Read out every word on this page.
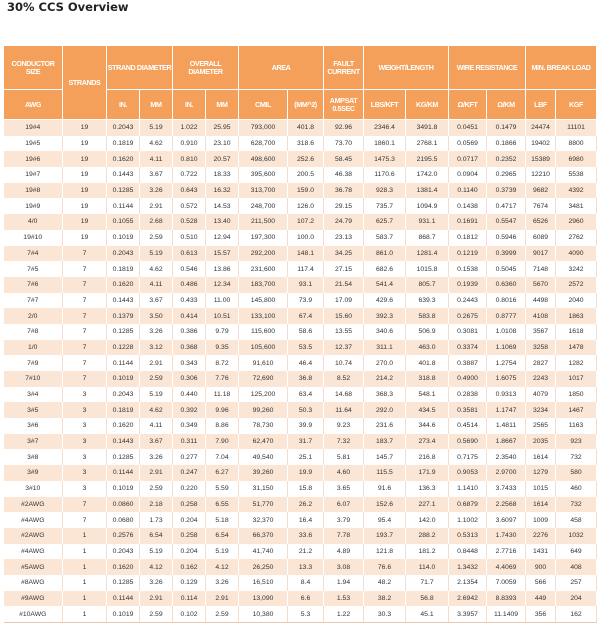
30% CCS Overview
CONDUCTOR SIZE	STRANDS	STRAND DIAMETER		OVERALL DIAMETER		AREA		FAULT CURRENT	WEIGHT/LENGTH		WIRE RESISTANCE		MIN. BREAK LOAD	
AWG		IN.	MM	IN.	MM	CMIL	(MM^2)	AMPSAT 0.5SEC	LBS/KFT	KG/KM	Ω/KFT	Ω/KM	LBF	KGF
19#4	19	0.2043	5.19	1.022	25.95	793,000	401.8	92.96	2346.4	3491.8	0.0451	0.1479	24474	11101
19#5	19	0.1819	4.62	0.910	23.10	628,700	318.6	73.70	1860.1	2768.1	0.0569	0.1866	19402	8800
19#6	19	0.1620	4.11	0.810	20.57	498,600	252.6	58.45	1475.3	2195.5	0.0717	0.2352	15389	6980
19#7	19	0.1443	3.67	0.722	18.33	395,600	200.5	46.38	1170.6	1742.0	0.0904	0.2965	12210	5538
19#8	19	0.1285	3.26	0.643	16.32	313,700	159.0	36.78	928.3	1381.4	0.1140	0.3739	9682	4392
19#9	19	0.1144	2.91	0.572	14.53	248,700	126.0	29.15	735.7	1094.9	0.1438	0.4717	7674	3481
4/0	19	0.1055	2.68	0.528	13.40	211,500	107.2	24.79	625.7	931.1	0.1691	0.5547	6526	2960
19#10	19	0.1019	2.59	0.510	12.94	197,300	100.0	23.13	583.7	868.7	0.1812	0.5946	6089	2762
7#4	7	0.2043	5.19	0.613	15.57	292,200	148.1	34.25	861.0	1281.4	0.1219	0.3999	9017	4090
7#5	7	0.1819	4.62	0.546	13.86	231,600	117.4	27.15	682.6	1015.8	0.1538	0.5045	7148	3242
7#6	7	0.1620	4.11	0.486	12.34	183,700	93.1	21.54	541.4	805.7	0.1939	0.6360	5670	2572
7#7	7	0.1443	3.67	0.433	11.00	145,800	73.9	17.09	429.6	639.3	0.2443	0.8016	4498	2040
2/0	7	0.1379	3.50	0.414	10.51	133,100	67.4	15.60	392.3	583.8	0.2675	0.8777	4108	1863
7#8	7	0.1285	3.26	0.386	9.79	115,600	58.6	13.55	340.6	506.9	0.3081	1.0108	3567	1618
1/0	7	0.1228	3.12	0.368	9.35	105,600	53.5	12.37	311.1	463.0	0.3374	1.1069	3258	1478
7#9	7	0.1144	2.91	0.343	8.72	91,610	46.4	10.74	270.0	401.8	0.3887	1.2754	2827	1282
7#10	7	0.1019	2.59	0.306	7.76	72,690	36.8	8.52	214.2	318.8	0.4900	1.6075	2243	1017
3#4	3	0.2043	5.19	0.440	11.18	125,200	63.4	14.68	368.3	548.1	0.2838	0.9313	4079	1850
3#5	3	0.1819	4.62	0.392	9.96	99,260	50.3	11.64	292.0	434.5	0.3581	1.1747	3234	1467
3#6	3	0.1620	4.11	0.349	8.86	78,730	39.9	9.23	231.6	344.6	0.4514	1.4811	2565	1163
3#7	3	0.1443	3.67	0.311	7.90	62,470	31.7	7.32	183.7	273.4	0.5690	1.8667	2035	923
3#8	3	0.1285	3.26	0.277	7.04	49,540	25.1	5.81	145.7	216.8	0.7175	2.3540	1614	732
3#9	3	0.1144	2.91	0.247	6.27	39,260	19.9	4.60	115.5	171.9	0.9053	2.9700	1279	580
3#10	3	0.1019	2.59	0.220	5.59	31,150	15.8	3.65	91.6	136.3	1.1410	3.7433	1015	460
#2AWG	7	0.0860	2.18	0.258	6.55	51,770	26.2	6.07	152.6	227.1	0.6879	2.2568	1614	732
#4AWG	7	0.0680	1.73	0.204	5.18	32,370	16.4	3.79	95.4	142.0	1.1002	3.6097	1009	458
#2AWG	1	0.2576	6.54	0.258	6.54	66,370	33.6	7.78	193.7	288.2	0.5313	1.7430	2276	1032
#4AWG	1	0.2043	5.19	0.204	5.19	41,740	21.2	4.89	121.8	181.2	0.8448	2.7716	1431	649
#5AWG	1	0.1620	4.12	0.162	4.12	26,250	13.3	3.08	76.6	114.0	1.3432	4.4069	900	408
#8AWG	1	0.1285	3.26	0.129	3.26	16,510	8.4	1.94	48.2	71.7	2.1354	7.0059	566	257
#9AWG	1	0.1144	2.91	0.114	2.91	13,090	6.6	1.53	38.2	56.8	2.6942	8.8393	449	204
#10AWG	1	0.1019	2.59	0.102	2.59	10,380	5.3	1.22	30.3	45.1	3.3957	11.1409	356	162
